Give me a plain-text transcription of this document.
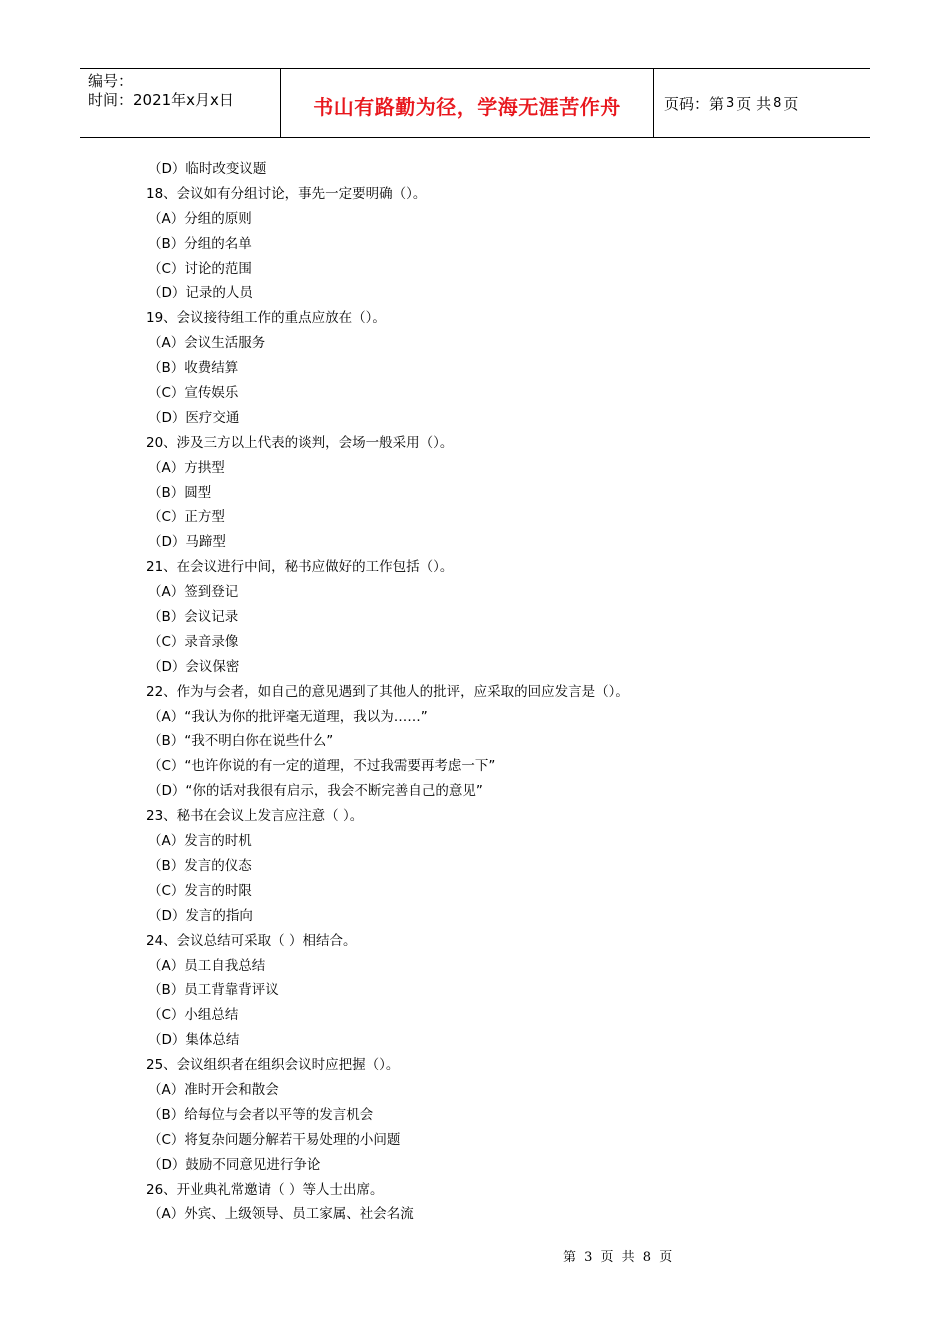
编号：
时间：2021年x月x日	书山有路勤为径，学海无涯苦作舟	页码：第 3 页 共 8 页
（D）临时改变议题
18、会议如有分组讨论，事先一定要明确（）。
（A）分组的原则
（B）分组的名单
（C）讨论的范围
（D）记录的人员
19、会议接待组工作的重点应放在（）。
（A）会议生活服务
（B）收费结算
（C）宣传娱乐
（D）医疗交通
20、涉及三方以上代表的谈判，会场一般采用（）。
（A）方拱型
（B）圆型
（C）正方型
（D）马蹄型
21、在会议进行中间，秘书应做好的工作包括（）。
（A）签到登记
（B）会议记录
（C）录音录像
（D）会议保密
22、作为与会者，如自己的意见遇到了其他人的批评，应采取的回应发言是（）。
（A）“我认为你的批评毫无道理，我以为……”
（B）“我不明白你在说些什么”
（C）“也许你说的有一定的道理，不过我需要再考虑一下”
（D）“你的话对我很有启示，我会不断完善自己的意见”
23、秘书在会议上发言应注意（ ）。
（A）发言的时机
（B）发言的仪态
（C）发言的时限
（D）发言的指向
24、会议总结可采取（ ）相结合。
（A）员工自我总结
（B）员工背靠背评议
（C）小组总结
（D）集体总结
25、会议组织者在组织会议时应把握（）。
（A）准时开会和散会
（B）给每位与会者以平等的发言机会
（C）将复杂问题分解若干易处理的小问题
（D）鼓励不同意见进行争论
26、开业典礼常邀请（ ）等人士出席。
（A）外宾、上级领导、员工家属、社会名流
第 3 页 共 8 页
